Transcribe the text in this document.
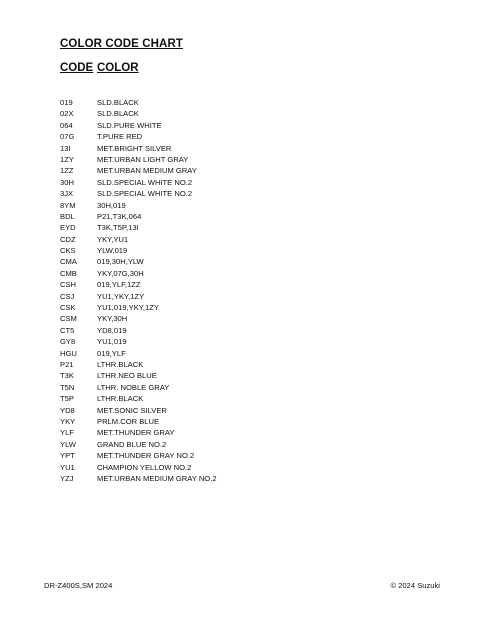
COLOR CODE CHART
CODE COLOR
019	SLD.BLACK
02X	SLD.BLACK
064	SLD.PURE WHITE
07G	T.PURE RED
13I	MET.BRIGHT SILVER
1ZY	MET.URBAN LIGHT GRAY
1ZZ	MET.URBAN MEDIUM GRAY
30H	SLD.SPECIAL WHITE NO.2
3JX	SLD.SPECIAL WHITE NO.2
8YM	30H,019
BDL	P21,T3K,064
EYD	T3K,T5P,13I
CDZ	YKY,YU1
CKS	YLW,019
CMA	019,30H,YLW
CMB	YKY,07G,30H
CSH	019,YLF,1ZZ
CSJ	YU1,YKY,1ZY
CSK	YU1,019,YKY,1ZY
CSM	YKY,30H
CT5	YD8,019
GY8	YU1,019
HGU	019,YLF
P21	LTHR.BLACK
T3K	LTHR.NEO BLUE
T5N	LTHR. NOBLE GRAY
T5P	LTHR.BLACK
YD8	MET.SONIC SILVER
YKY	PRLM.COR BLUE
YLF	MET.THUNDER GRAY
YLW	GRAND BLUE NO.2
YPT	MET.THUNDER GRAY NO.2
YU1	CHAMPION YELLOW NO.2
YZJ	MET.URBAN MEDIUM GRAY NO.2
DR-Z400S,SM 2024	© 2024 Suzuki
